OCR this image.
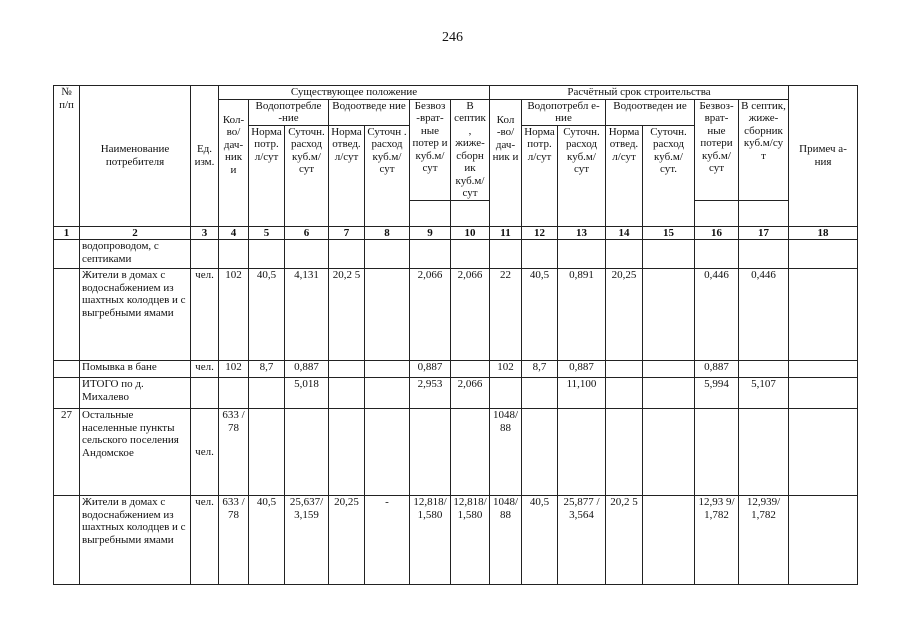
246
№ п/п	Наименование потребителя	Ед. изм.	Существующее положение							Расчётный срок строительства							Примеч а-ния
			Кол-во/ дач-ник и	Водопотребле -ние		Водоотведе ние		Безвоз -врат-ные потер и куб.м/ сут	В септик , жиже-сборн ик куб.м/ сут	Кол -во/ дач-ник и	Водопотребл е-ние		Водоотведен ие		Безвоз-врат-ные потери куб.м/ сут	В септик, жиже-сборник куб.м/су т	
				Норма потр. л/сут	Суточн. расход куб.м/ сут	Норма отвед. л/сут	Суточн . расход куб.м/ сут				Норма потр. л/сут	Суточн. расход куб.м/ сут	Норма отвед. л/сут	Суточн. расход куб.м/ сут.			

1	2	3	4	5	6	7	8	9	10	11	12	13	14	15	16	17	18
	водопроводом, с септиками																
	Жители в домах с водоснабжением из шахтных колодцев и с выгребными ямами	чел.	102	40,5	4,131	20,2 5		2,066	2,066	22	40,5	0,891	20,25		0,446	0,446	
	Помывка в бане	чел.	102	8,7	0,887			0,887		102	8,7	0,887			0,887		
	ИТОГО по д. Михалево				5,018			2,953	2,066			11,100			5,994	5,107	
27	Остальные населенные пункты сельского поселения Андомское	чел.	633 / 78							1048/ 88							
	Жители в домах с водоснабжением из шахтных колодцев и с выгребными ямами	чел.	633 / 78	40,5	25,637/ 3,159	20,25	-	12,818/ 1,580	12,818/ 1,580	1048/ 88	40,5	25,877 / 3,564	20,2 5		12,93 9/ 1,782	12,939/ 1,782	
